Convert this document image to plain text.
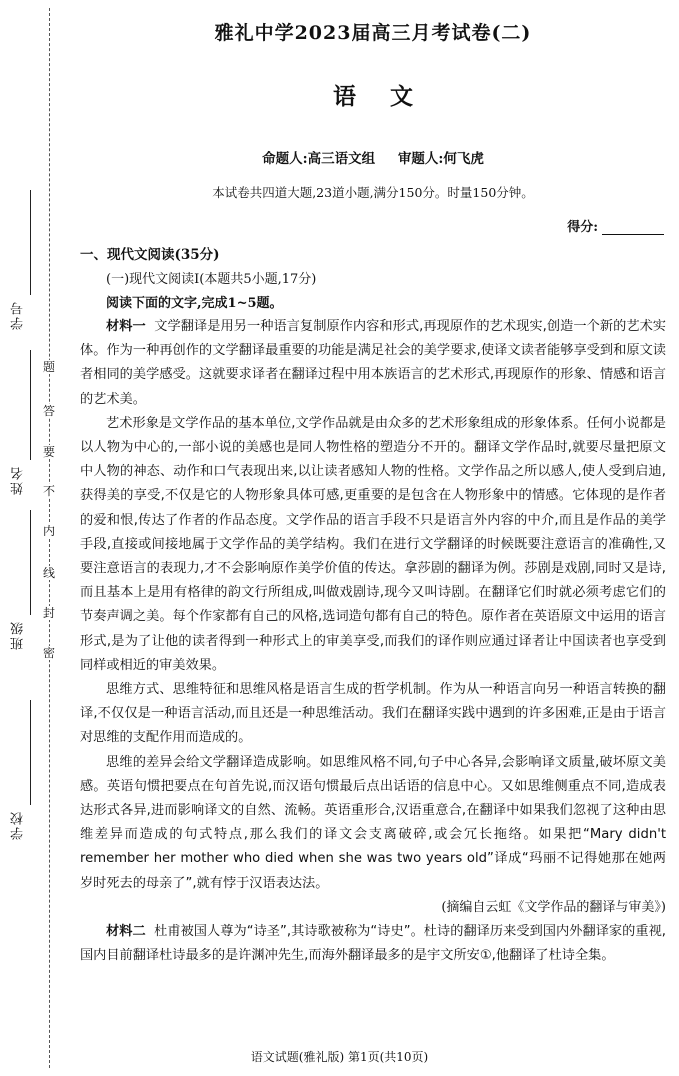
题
答
要
不
内
线
封
密
学号
姓名
班级
学校
雅礼中学2023届高三月考试卷(二)
语文
命题人:高三语文组 审题人:何飞虎
本试卷共四道大题,23道小题,满分150分。时量150分钟。
得分:
一、现代文阅读(35分)
(一)现代文阅读Ⅰ(本题共5小题,17分)
阅读下面的文字,完成1~5题。

材料一 文学翻译是用另一种语言复制原作内容和形式,再现原作的艺术现实,创造一个新的艺术实体。作为一种再创作的文学翻译最重要的功能是满足社会的美学要求,使译文读者能够享受到和原文读者相同的美学感受。这就要求译者在翻译过程中用本族语言的艺术形式,再现原作的形象、情感和语言的艺术美。

艺术形象是文学作品的基本单位,文学作品就是由众多的艺术形象组成的形象体系。任何小说都是以人物为中心的,一部小说的美感也是同人物性格的塑造分不开的。翻译文学作品时,就要尽量把原文中人物的神态、动作和口气表现出来,以让读者感知人物的性格。文学作品之所以感人,使人受到启迪,获得美的享受,不仅是它的人物形象具体可感,更重要的是包含在人物形象中的情感。它体现的是作者的爱和恨,传达了作者的作品态度。文学作品的语言手段不只是语言外内容的中介,而且是作品的美学手段,直接或间接地属于文学作品的美学结构。我们在进行文学翻译的时候既要注意语言的准确性,又要注意语言的表现力,才不会影响原作美学价值的传达。拿莎剧的翻译为例。莎剧是戏剧,同时又是诗,而且基本上是用有格律的韵文行所组成,叫做戏剧诗,现今又叫诗剧。在翻译它们时就必须考虑它们的节奏声调之美。每个作家都有自己的风格,选词造句都有自己的特色。原作者在英语原文中运用的语言形式,是为了让他的读者得到一种形式上的审美享受,而我们的译作则应通过译者让中国读者也享受到同样或相近的审美效果。

思维方式、思维特征和思维风格是语言生成的哲学机制。作为从一种语言向另一种语言转换的翻译,不仅仅是一种语言活动,而且还是一种思维活动。我们在翻译实践中遇到的许多困难,正是由于语言对思维的支配作用而造成的。

思维的差异会给文学翻译造成影响。如思维风格不同,句子中心各异,会影响译文质量,破坏原文美感。英语句惯把要点在句首先说,而汉语句惯最后点出话语的信息中心。又如思维侧重点不同,造成表达形式各异,进而影响译文的自然、流畅。英语重形合,汉语重意合,在翻译中如果我们忽视了这种由思维差异而造成的句式特点,那么我们的译文会支离破碎,或会冗长拖络。如果把“Mary didn't remember her mother who died when she was two years old”译成“玛丽不记得她那在她两岁时死去的母亲了”,就有悖于汉语表达法。

(摘编自云虹《文学作品的翻译与审美》)

材料二 杜甫被国人尊为“诗圣”,其诗歌被称为“诗史”。杜诗的翻译历来受到国内外翻译家的重视,国内目前翻译杜诗最多的是许渊冲先生,而海外翻译最多的是宇文所安①,他翻译了杜诗全集。

语文试题(雅礼版) 第1页(共10页)
